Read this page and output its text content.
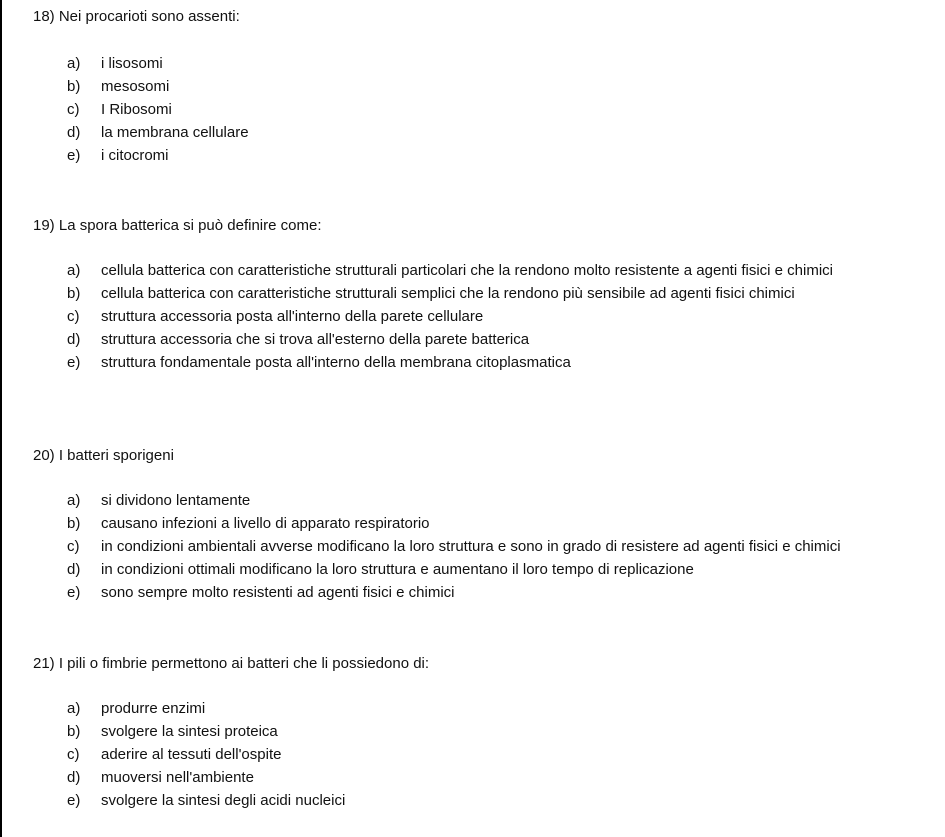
18) Nei procarioti sono assenti:

a)	i lisosomi
b)	mesosomi
c)	I Ribosomi
d)	la membrana cellulare
e)	i citocromi

19) La spora batterica si può definire come:

a)	cellula batterica con caratteristiche strutturali particolari che la rendono molto resistente a agenti fisici e chimici
b)	cellula batterica con caratteristiche strutturali semplici che la rendono più sensibile ad agenti fisici chimici
c)	struttura accessoria posta all'interno della parete cellulare
d)	struttura accessoria che si trova all'esterno della parete batterica
e)	struttura fondamentale posta all'interno della membrana citoplasmatica

20) I batteri sporigeni

a)	si dividono lentamente
b)	causano infezioni a livello di apparato respiratorio
c)	in condizioni ambientali avverse modificano la loro struttura e sono in grado di resistere ad agenti fisici e chimici
d)	in condizioni ottimali modificano la loro struttura e aumentano il loro tempo di replicazione
e)	sono sempre molto resistenti ad agenti fisici e chimici

21) I pili o fimbrie permettono ai batteri che li possiedono di:

a)	produrre enzimi
b)	svolgere la sintesi proteica
c)	aderire al tessuti dell'ospite
d)	muoversi nell'ambiente
e)	svolgere la sintesi degli acidi nucleici
